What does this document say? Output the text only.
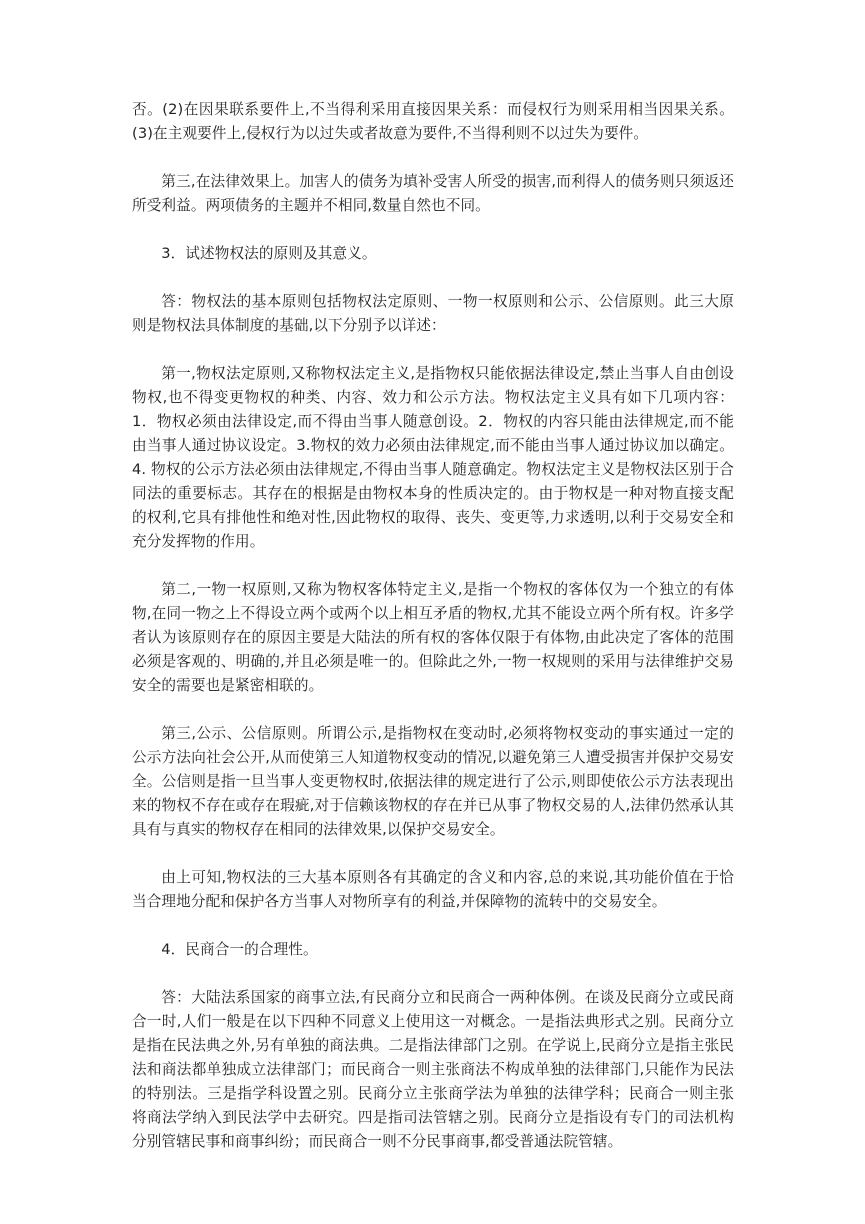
否。(2)在因果联系要件上,不当得利采用直接因果关系：而侵权行为则采用相当因果关系。(3)在主观要件上,侵权行为以过失或者故意为要件,不当得利则不以过失为要件。

第三,在法律效果上。加害人的债务为填补受害人所受的损害,而利得人的债务则只须返还所受利益。两项债务的主题并不相同,数量自然也不同。

3．试述物权法的原则及其意义。

答：物权法的基本原则包括物权法定原则、一物一权原则和公示、公信原则。此三大原则是物权法具体制度的基础,以下分别予以详述：

第一,物权法定原则,又称物权法定主义,是指物权只能依据法律设定,禁止当事人自由创设物权,也不得变更物权的种类、内容、效力和公示方法。物权法定主义具有如下几项内容：1．物权必须由法律设定,而不得由当事人随意创设。2．物权的内容只能由法律规定,而不能由当事人通过协议设定。3.物权的效力必须由法律规定,而不能由当事人通过协议加以确定。4. 物权的公示方法必须由法律规定,不得由当事人随意确定。物权法定主义是物权法区别于合同法的重要标志。其存在的根据是由物权本身的性质决定的。由于物权是一种对物直接支配的权利,它具有排他性和绝对性,因此物权的取得、丧失、变更等,力求透明,以利于交易安全和充分发挥物的作用。

第二,一物一权原则,又称为物权客体特定主义,是指一个物权的客体仅为一个独立的有体物,在同一物之上不得设立两个或两个以上相互矛盾的物权,尤其不能设立两个所有权。许多学者认为该原则存在的原因主要是大陆法的所有权的客体仅限于有体物,由此决定了客体的范围必须是客观的、明确的,并且必须是唯一的。但除此之外,一物一权规则的采用与法律维护交易安全的需要也是紧密相联的。

第三,公示、公信原则。所谓公示,是指物权在变动时,必须将物权变动的事实通过一定的公示方法向社会公开,从而使第三人知道物权变动的情况,以避免第三人遭受损害并保护交易安全。公信则是指一旦当事人变更物权时,依据法律的规定进行了公示,则即使依公示方法表现出来的物权不存在或存在瑕疵,对于信赖该物权的存在并已从事了物权交易的人,法律仍然承认其具有与真实的物权存在相同的法律效果,以保护交易安全。

由上可知,物权法的三大基本原则各有其确定的含义和内容,总的来说,其功能价值在于恰当合理地分配和保护各方当事人对物所享有的利益,并保障物的流转中的交易安全。

4．民商合一的合理性。

答：大陆法系国家的商事立法,有民商分立和民商合一两种体例。在谈及民商分立或民商合一时,人们一般是在以下四种不同意义上使用这一对概念。一是指法典形式之别。民商分立是指在民法典之外,另有单独的商法典。二是指法律部门之别。在学说上,民商分立是指主张民法和商法都单独成立法律部门；而民商合一则主张商法不构成单独的法律部门,只能作为民法的特别法。三是指学科设置之别。民商分立主张商学法为单独的法律学科；民商合一则主张将商法学纳入到民法学中去研究。四是指司法管辖之别。民商分立是指设有专门的司法机构分别管辖民事和商事纠纷；而民商合一则不分民事商事,都受普通法院管辖。
